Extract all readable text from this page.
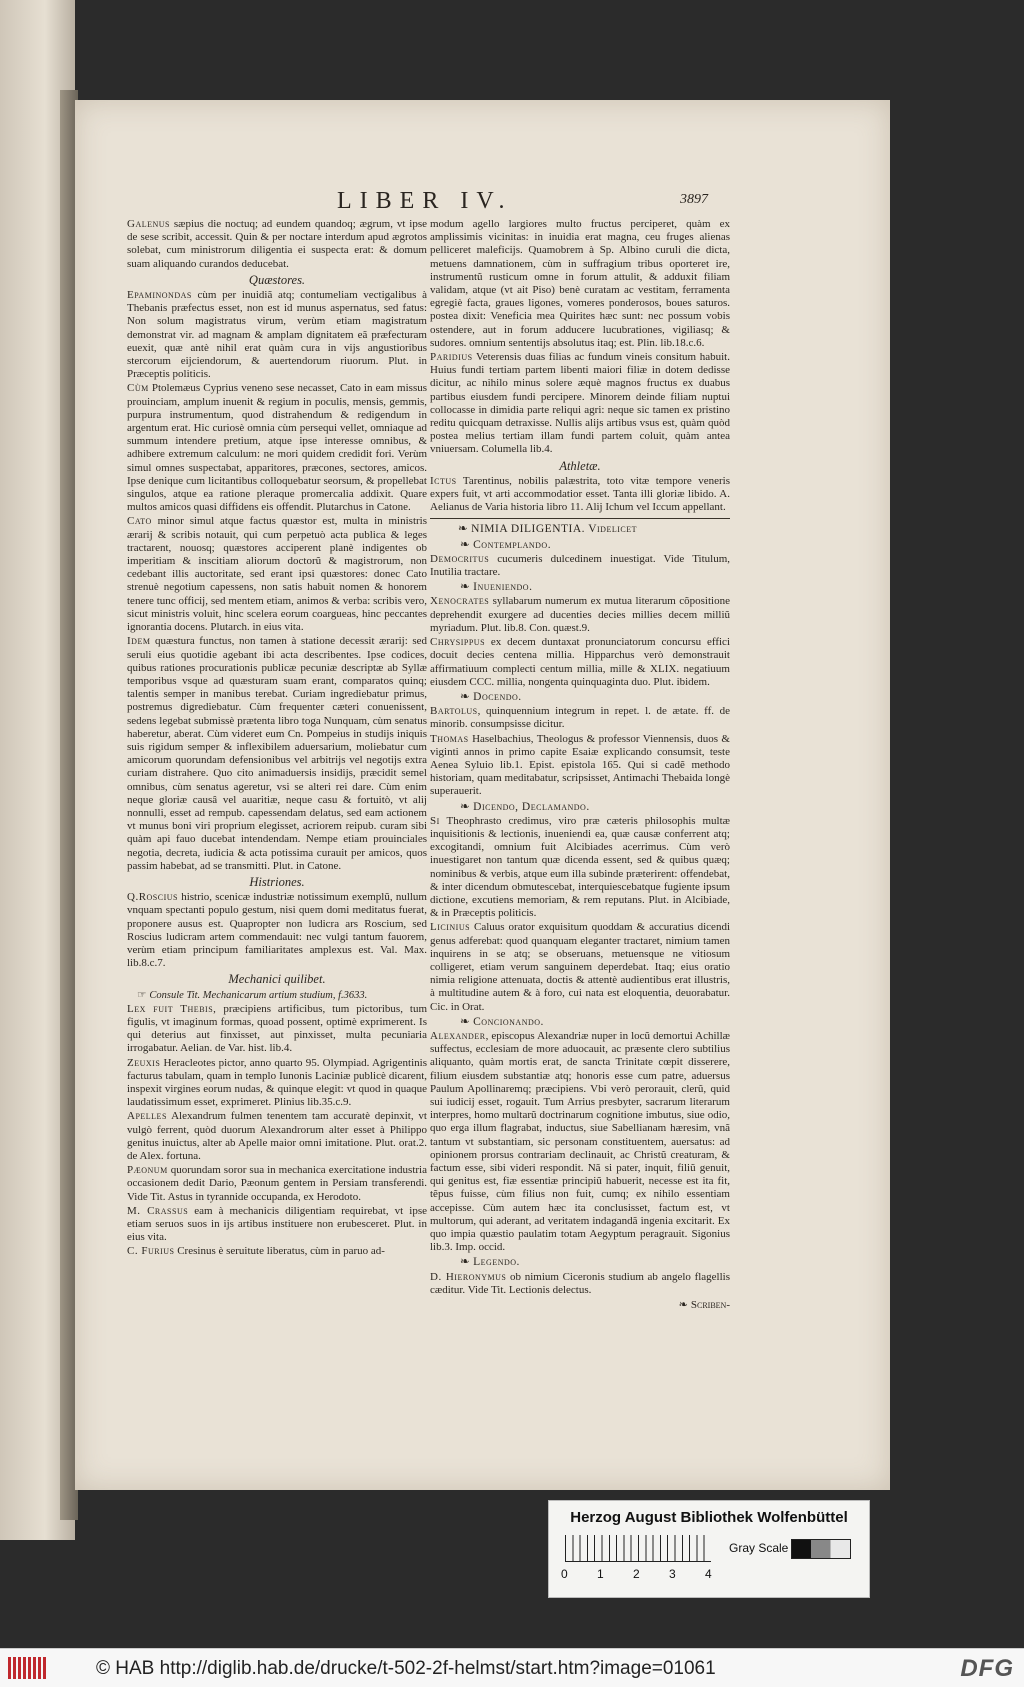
LIBER IV.	3897

Galenus sæpius die noctuq; ad eundem quandoq; ægrum, vt ipse de sese scribit, accessit. Quin & per noctare interdum apud ægrotos solebat, cum ministrorum diligentia ei suspecta erat: & domum suam aliquando curandos deducebat.

Quæstores.

Epaminondas cùm per inuidiã atq; contumeliam vectigalibus à Thebanis præfectus esset, non est id munus aspernatus, sed fatus: Non solum magistratus virum, verùm etiam magistratum demonstrat vir. ad magnam & amplam dignitatem eã præfecturam euexit, quæ antè nihil erat quàm cura in vijs angustioribus stercorum eijciendorum, & auertendorum riuorum. Plut. in Præceptis politicis.

Cùm Ptolemæus Cyprius veneno sese necasset, Cato in eam missus prouinciam, amplum inuenit & regium in poculis, mensis, gemmis, purpura instrumentum, quod distrahendum & redigendum in argentum erat. Hic curiosè omnia cùm persequi vellet, omniaque ad summum intendere pretium, atque ipse interesse omnibus, & adhibere extremum calculum: ne mori quidem credidit fori. Verùm simul omnes suspectabat, apparitores, præcones, sectores, amicos. Ipse denique cum licitantibus colloquebatur seorsum, & propellebat singulos, atque ea ratione pleraque promercalia addixit. Quare multos amicos quasi diffidens eis offendit. Plutarchus in Catone.

Cato minor simul atque factus quæstor est, multa in ministris ærarij & scribis notauit, qui cum perpetuò acta publica & leges tractarent, nouosq; quæstores acciperent planè indigentes ob imperitiam & inscitiam aliorum doctorũ & magistrorum, non cedebant illis auctoritate, sed erant ipsi quæstores: donec Cato strenuè negotium capessens, non satis habuit nomen & honorem tenere tunc officij, sed mentem etiam, animos & verba: scribis vero, sicut ministris voluit, hinc scelera eorum coargueas, hinc peccantes ignorantia docens. Plutarch. in eius vita.

Idem quæstura functus, non tamen à statione decessit ærarij: sed seruli eius quotidie agebant ibi acta describentes. Ipse codices, quibus rationes procurationis publicæ pecuniæ descriptæ ab Syllæ temporibus vsque ad quæsturam suam erant, comparatos quinq; talentis semper in manibus terebat. Curiam ingrediebatur primus, postremus digrediebatur. Cùm frequenter cæteri conuenissent, sedens legebat submissè prætenta libro toga Nunquam, cùm senatus haberetur, aberat. Cùm videret eum Cn. Pompeius in studijs iniquis suis rigidum semper & inflexibilem aduersarium, moliebatur cum amicorum quorundam defensionibus vel arbitrijs vel negotijs extra curiam distrahere. Quo cito animaduersis insidijs, præcidit semel omnibus, cùm senatus ageretur, vsi se alteri rei dare. Cùm enim neque gloriæ causâ vel auaritiæ, neque casu & fortuitò, vt alij nonnulli, esset ad rempub. capessendam delatus, sed eam actionem vt munus boni viri proprium elegisset, acriorem reipub. curam sibi quàm api fauo ducebat intendendam. Nempe etiam prouinciales negotia, decreta, iudicia & acta potissima curauit per amicos, quos passim habebat, ad se transmitti. Plut. in Catone.

Histriones.

Q.Roscius histrio, scenicæ industriæ notissimum exemplũ, nullum vnquam spectanti populo gestum, nisi quem domi meditatus fuerat, proponere ausus est. Quapropter non ludicra ars Roscium, sed Roscius ludicram artem commendauit: nec vulgi tantum fauorem, verùm etiam principum familiaritates amplexus est. Val. Max. lib.8.c.7.

Mechanici quilibet.
☞ Consule Tit. Mechanicarum artium studium, f.3633.

Lex fuit Thebis, præcipiens artificibus, tum pictoribus, tum figulis, vt imaginum formas, quoad possent, optimè exprimerent. Is qui deterius aut finxisset, aut pinxisset, multa pecuniaria irrogabatur. Aelian. de Var. hist. lib.4.

Zeuxis Heracleotes pictor, anno quarto 95. Olympiad. Agrigentinis facturus tabulam, quam in templo Iunonis Laciniæ publicè dicarent, inspexit virgines eorum nudas, & quinque elegit: vt quod in quaque laudatissimum esset, exprimeret. Plinius lib.35.c.9.

Apelles Alexandrum fulmen tenentem tam accuratè depinxit, vt vulgò ferrent, quòd duorum Alexandrorum alter esset à Philippo genitus inuictus, alter ab Apelle maior omni imitatione. Plut. orat.2. de Alex. fortuna.

Pæonum quorundam soror sua in mechanica exercitatione industria occasionem dedit Dario, Pæonum gentem in Persiam transferendi. Vide Tit. Astus in tyrannide occupanda, ex Herodoto.

M. Crassus eam à mechanicis diligentiam requirebat, vt ipse etiam seruos suos in ijs artibus instituere non erubesceret. Plut. in eius vita.

C. Furius Cresinus è seruitute liberatus, cùm in paruo ad-

modum agello largiores multo fructus perciperet, quàm ex amplissimis vicinitas: in inuidia erat magna, ceu fruges alienas pelliceret maleficijs. Quamobrem à Sp. Albino curuli die dicta, metuens damnationem, cùm in suffragium tribus oporteret ire, instrumentũ rusticum omne in forum attulit, & adduxit filiam validam, atque (vt ait Piso) benè curatam ac vestitam, ferramenta egregiè facta, graues ligones, vomeres ponderosos, boues saturos. postea dixit: Veneficia mea Quirites hæc sunt: nec possum vobis ostendere, aut in forum adducere lucubrationes, vigiliasq; & sudores. omnium sententijs absolutus itaq; est. Plin. lib.18.c.6.

Paridius Veterensis duas filias ac fundum vineis consitum habuit. Huius fundi tertiam partem libenti maiori filiæ in dotem dedisse dicitur, ac nihilo minus solere æquè magnos fructus ex duabus partibus eiusdem fundi percipere. Minorem deinde filiam nuptui collocasse in dimidia parte reliqui agri: neque sic tamen ex pristino reditu quicquam detraxisse. Nullis alijs artibus vsus est, quàm quòd postea melius tertiam illam fundi partem coluit, quàm antea vniuersam. Columella lib.4.

Athletæ.

Ictus Tarentinus, nobilis palæstrita, toto vitæ tempore veneris expers fuit, vt arti accommodatior esset. Tanta illi gloriæ libido. A. Aelianus de Varia historia libro 11. Alij Ichum vel Iccum appellant.

❧ NIMIA DILIGENTIA. Videlicet
❧ Contemplando.

Democritus cucumeris dulcedinem inuestigat. Vide Titulum, Inutilia tractare.

❧ Inueniendo.

Xenocrates syllabarum numerum ex mutua literarum cõpositione deprehendit exurgere ad ducenties decies millies decem milliũ myriadum. Plut. lib.8. Con. quæst.9.

Chrysippus ex decem duntaxat pronunciatorum concursu effici docuit decies centena millia. Hipparchus verò demonstrauit affirmatiuum complecti centum millia, mille & XLIX. negatiuum eiusdem CCC. millia, nongenta quinquaginta duo. Plut. ibidem.

❧ Docendo.

Bartolus, quinquennium integrum in repet. l. de ætate. ff. de minorib. consumpsisse dicitur.

Thomas Haselbachius, Theologus & professor Viennensis, duos & viginti annos in primo capite Esaiæ explicando consumsit, teste Aenea Syluio lib.1. Epist. epistola 165. Qui si cadẽ methodo historiam, quam meditabatur, scripsisset, Antimachi Thebaida longè superauerit.

❧ Dicendo, Declamando.

Si Theophrasto credimus, viro præ cæteris philosophis multæ inquisitionis & lectionis, inueniendi ea, quæ causæ conferrent atq; excogitandi, omnium fuit Alcibiades acerrimus. Cùm verò inuestigaret non tantum quæ dicenda essent, sed & quibus quæq; nominibus & verbis, atque eum illa subinde præterirent: offendebat, & inter dicendum obmutescebat, interquiescebatque fugiente ipsum dictione, excutiens memoriam, & rem reputans. Plut. in Alcibiade, & in Præceptis politicis.

Licinius Caluus orator exquisitum quoddam & accuratius dicendi genus adferebat: quod quanquam eleganter tractaret, nimium tamen inquirens in se atq; se obseruans, metuensque ne vitiosum colligeret, etiam verum sanguinem deperdebat. Itaq; eius oratio nimia religione attenuata, doctis & attentè audientibus erat illustris, à multitudine autem & à foro, cui nata est eloquentia, deuorabatur. Cic. in Orat.

❧ Concionando.

Alexander, episcopus Alexandriæ nuper in locũ demortui Achillæ suffectus, ecclesiam de more aduocauit, ac præsente clero subtilius aliquanto, quàm mortis erat, de sancta Trinitate cœpit disserere, filium eiusdem substantiæ atq; honoris esse cum patre, aduersus Paulum Apollinaremq; præcipiens. Vbi verò perorauit, clerũ, quid sui iudicij esset, rogauit. Tum Arrius presbyter, sacrarum literarum interpres, homo multarũ doctrinarum cognitione imbutus, siue odio, quo erga illum flagrabat, inductus, siue Sabellianam hæresim, vnã tantum vt substantiam, sic personam constituentem, auersatus: ad opinionem prorsus contrariam declinauit, ac Christũ creaturam, & factum esse, sibi videri respondit. Nã si pater, inquit, filiũ genuit, qui genitus est, fiæ essentiæ principiũ habuerit, necesse est ita fit, tẽpus fuisse, cùm filius non fuit, cumq; ex nihilo essentiam accepisse. Cùm autem hæc ita conclusisset, factum est, vt multorum, qui aderant, ad veritatem indagandã ingenia excitarit. Ex quo impia quæstio paulatim totam Aegyptum peragrauit. Sigonius lib.3. Imp. occid.

❧ Legendo.

D. Hieronymus ob nimium Ciceronis studium ab angelo flagellis cæditur. Vide Tit. Lectionis delectus.

❧ Scriben-
Herzog August Bibliothek Wolfenbüttel
0 1 2 3 4
Gray Scale
© HAB http://diglib.hab.de/drucke/t-502-2f-helmst/start.htm?image=01061	DFG
